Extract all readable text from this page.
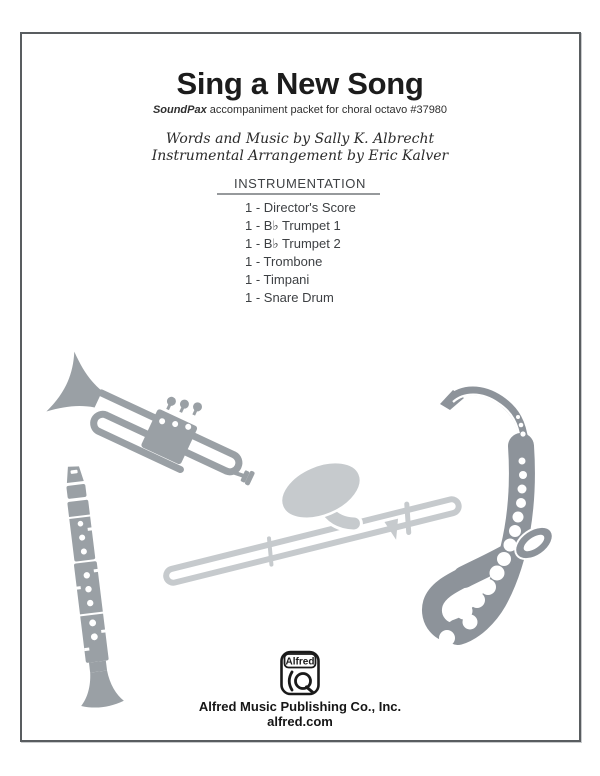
Sing a New Song

SoundPax accompaniment packet for choral octavo #37980

Words and Music by Sally K. Albrecht
Instrumental Arrangement by Eric Kalver
INSTRUMENTATION
1 - Director's Score
1 - B♭ Trumpet 1
1 - B♭ Trumpet 2
1 - Trombone
1 - Timpani
1 - Snare Drum
Alfred

Alfred Music Publishing Co., Inc.

alfred.com
